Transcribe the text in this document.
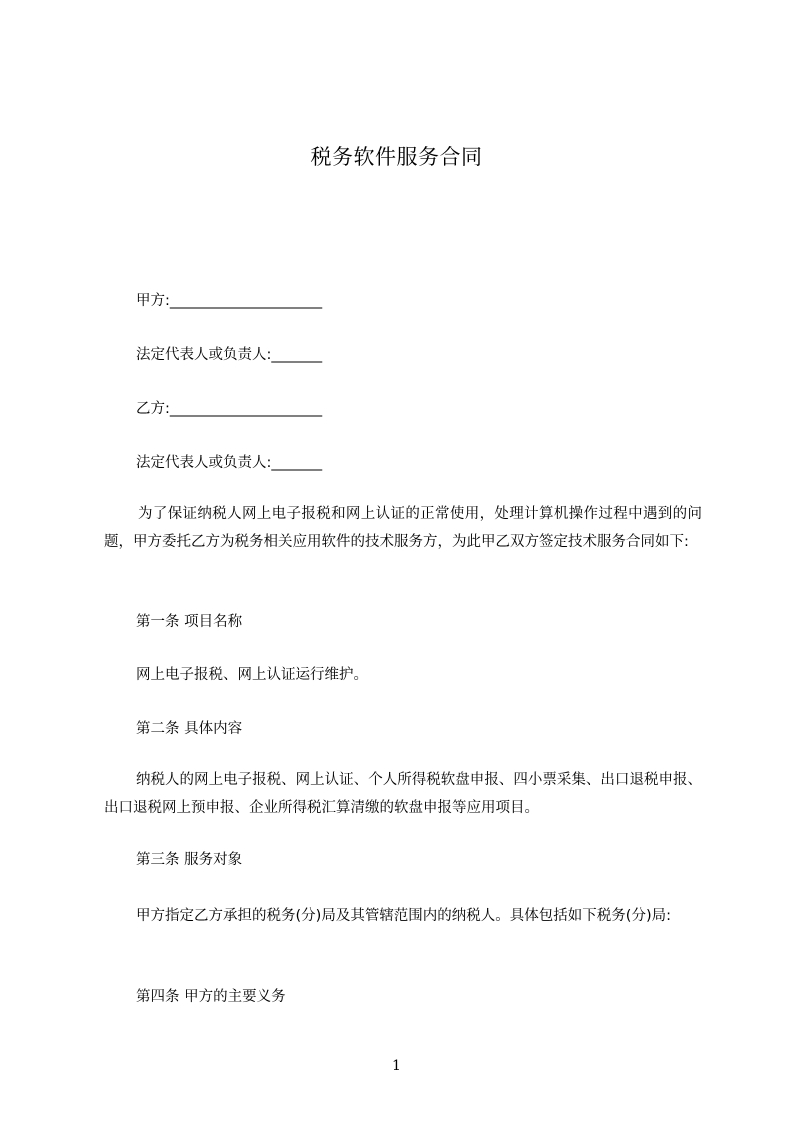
税务软件服务合同
甲方:_____________________
法定代表人或负责人:_______
乙方:_____________________
法定代表人或负责人:_______
为了保证纳税人网上电子报税和网上认证的正常使用，处理计算机操作过程中遇到的问题，甲方委托乙方为税务相关应用软件的技术服务方，为此甲乙双方签定技术服务合同如下:
第一条 项目名称
网上电子报税、网上认证运行维护。
第二条 具体内容
纳税人的网上电子报税、网上认证、个人所得税软盘申报、四小票采集、出口退税申报、出口退税网上预申报、企业所得税汇算清缴的软盘申报等应用项目。
第三条 服务对象
甲方指定乙方承担的税务(分)局及其管辖范围内的纳税人。具体包括如下税务(分)局:
第四条 甲方的主要义务
1
